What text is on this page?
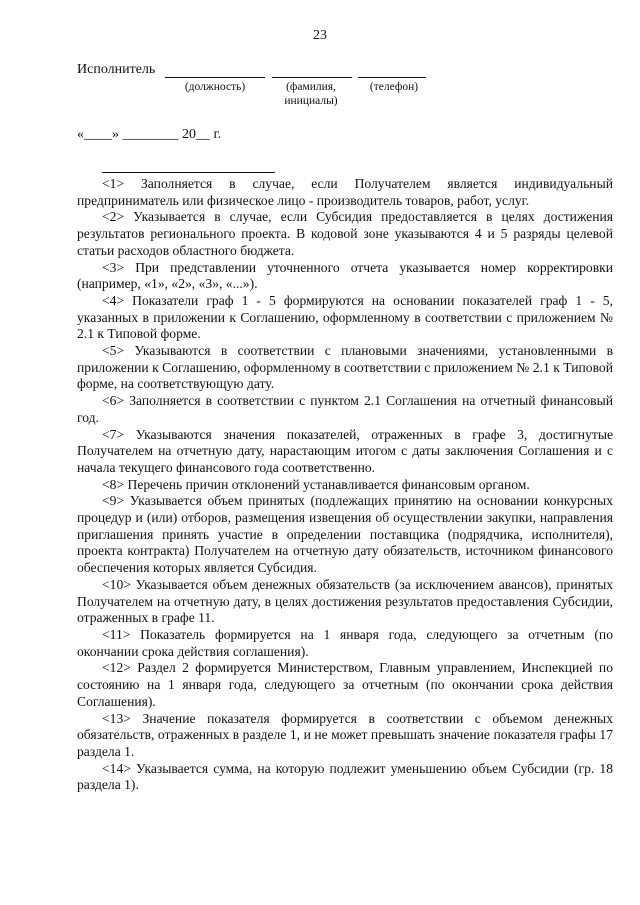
23
Исполнитель
(должность)	(фамилия, инициалы)
(телефон)
«____» ________ 20__ г.

<1> Заполняется в случае, если Получателем является индивидуальный предприниматель или физическое лицо - производитель товаров, работ, услуг.

<2> Указывается в случае, если Субсидия предоставляется в целях достижения результатов регионального проекта. В кодовой зоне указываются 4 и 5 разряды целевой статьи расходов областного бюджета.

<3> При представлении уточненного отчета указывается номер корректировки (например, «1», «2», «3», «...»).

<4> Показатели граф 1 - 5 формируются на основании показателей граф 1 - 5, указанных в приложении к Соглашению, оформленному в соответствии с приложением № 2.1 к Типовой форме.

<5> Указываются в соответствии с плановыми значениями, установленными в приложении к Соглашению, оформленному в соответствии с приложением № 2.1 к Типовой форме, на соответствующую дату.

<6> Заполняется в соответствии с пунктом 2.1 Соглашения на отчетный финансовый год.

<7> Указываются значения показателей, отраженных в графе 3, достигнутые Получателем на отчетную дату, нарастающим итогом с даты заключения Соглашения и с начала текущего финансового года соответственно.

<8> Перечень причин отклонений устанавливается финансовым органом.

<9> Указывается объем принятых (подлежащих принятию на основании конкурсных процедур и (или) отборов, размещения извещения об осуществлении закупки, направления приглашения принять участие в определении поставщика (подрядчика, исполнителя), проекта контракта) Получателем на отчетную дату обязательств, источником финансового обеспечения которых является Субсидия.

<10> Указывается объем денежных обязательств (за исключением авансов), принятых Получателем на отчетную дату, в целях достижения результатов предоставления Субсидии, отраженных в графе 11.

<11> Показатель формируется на 1 января года, следующего за отчетным (по окончании срока действия соглашения).

<12> Раздел 2 формируется Министерством, Главным управлением, Инспекцией по состоянию на 1 января года, следующего за отчетным (по окончании срока действия Соглашения).

<13> Значение показателя формируется в соответствии с объемом денежных обязательств, отраженных в разделе 1, и не может превышать значение показателя графы 17 раздела 1.

<14> Указывается сумма, на которую подлежит уменьшению объем Субсидии (гр. 18 раздела 1).
